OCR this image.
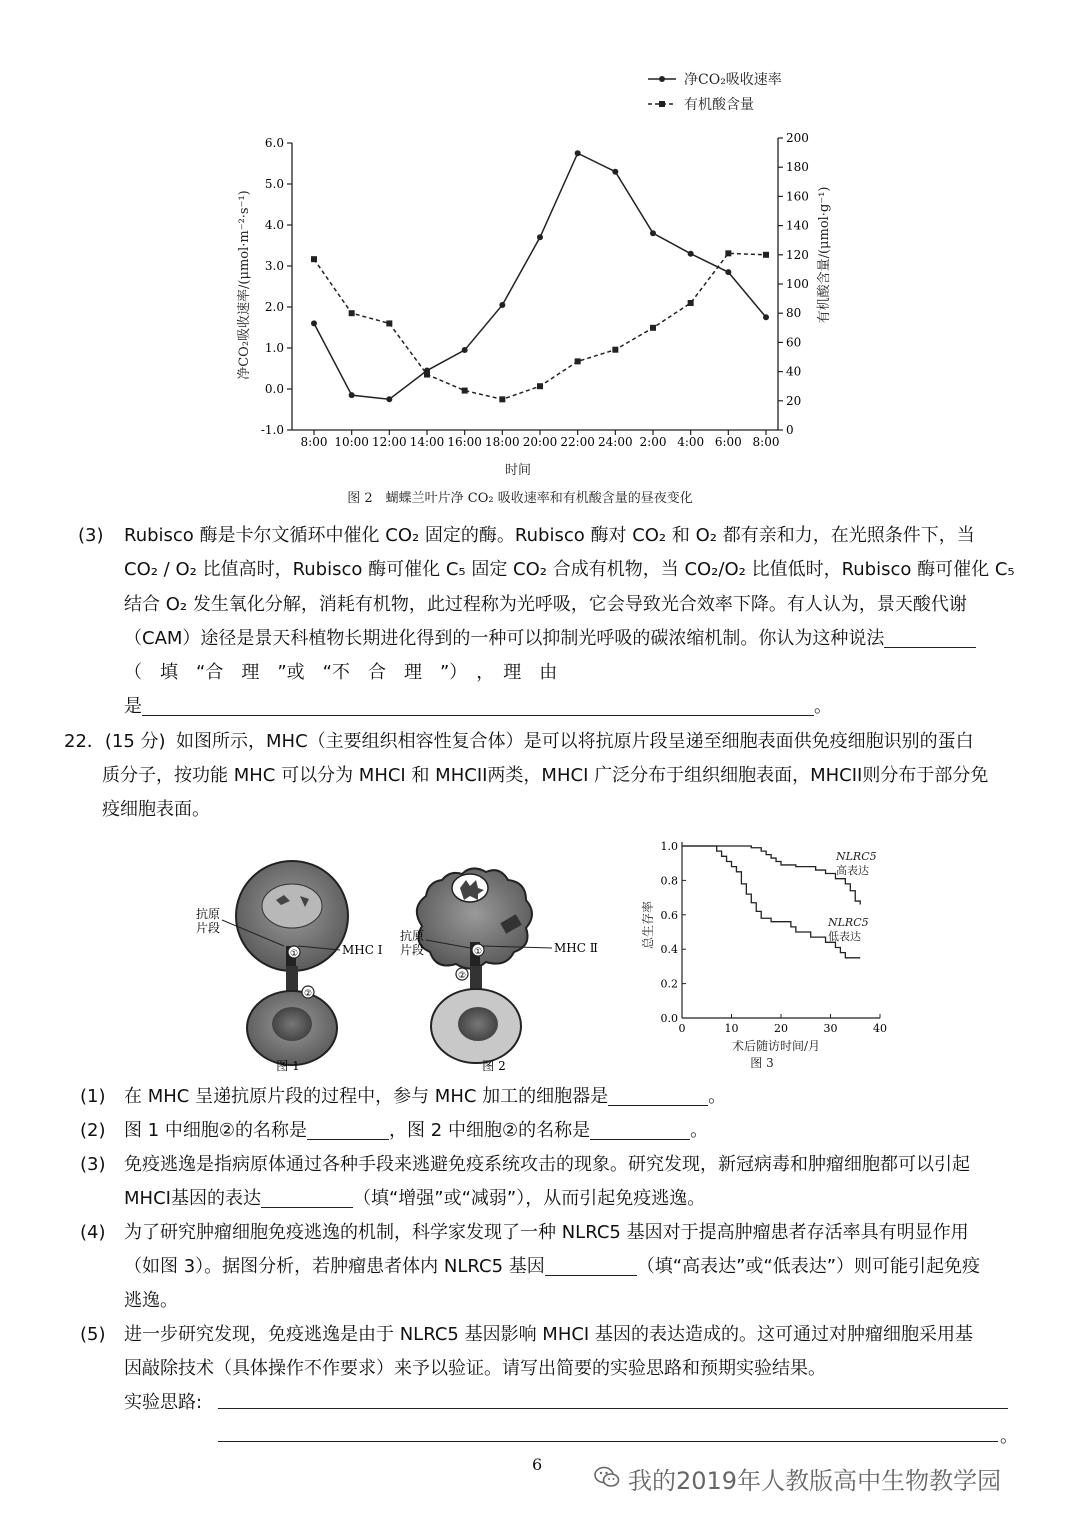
净CO₂吸收速率
有机酸含量
净CO₂吸收速率/(μmol·m⁻²·s⁻¹)	有机酸含量/(μmol·g⁻¹)
时间
图 2　蝴蝶兰叶片净 CO₂ 吸收速率和有机酸含量的昼夜变化
-1.0
0.0
1.0
2.0
3.0
4.0
5.0
6.0
0
20
40
60
80
100
120
140
160
180
200
8:00 10:00 12:00 14:00 16:00 18:00 20:00 22:00 24:00 2:00 4:00 6:00 8:00
(3) Rubisco 酶是卡尔文循环中催化 CO₂ 固定的酶。Rubisco 酶对 CO₂ 和 O₂ 都有亲和力，在光照条件下，当
CO₂ / O₂ 比值高时，Rubisco 酶可催化 C₅ 固定 CO₂ 合成有机物，当 CO₂/O₂ 比值低时，Rubisco 酶可催化 C₅
结合 O₂ 发生氧化分解，消耗有机物，此过程称为光呼吸，它会导致光合效率下降。有人认为，景天酸代谢
（CAM）途径是景天科植物长期进化得到的一种可以抑制光呼吸的碳浓缩机制。你认为这种说法
（　填　“合　理　”或　“不　合　理　”）　，　理　由
是	。
22．(15 分) 如图所示，MHC（主要组织相容性复合体）是可以将抗原片段呈递至细胞表面供免疫细胞识别的蛋白
质分子，按功能 MHC 可以分为 MHCI 和 MHCII两类，MHCI 广泛分布于组织细胞表面，MHCII则分布于部分免
疫细胞表面。
①
②
抗原
片段
MHC Ⅰ
图 1
①
②
抗原
片段	MHC Ⅱ
图 2
总生存率
术后随访时间/月
图 3
NLRC5
高表达
NLRC5
低表达
0.0
0.2
0.4
0.6
0.8
1.0
0	10	20	30	40
(1) 在 MHC 呈递抗原片段的过程中，参与 MHC 加工的细胞器是	。
(2) 图 1 中细胞②的名称是	，图 2 中细胞②的名称是	。
(3) 免疫逃逸是指病原体通过各种手段来逃避免疫系统攻击的现象。研究发现，新冠病毒和肿瘤细胞都可以引起
MHCI基因的表达	（填“增强”或“减弱”），从而引起免疫逃逸。
(4) 为了研究肿瘤细胞免疫逃逸的机制，科学家发现了一种 NLRC5 基因对于提高肿瘤患者存活率具有明显作用
（如图 3）。据图分析，若肿瘤患者体内 NLRC5 基因	（填“高表达”或“低表达”）则可能引起免疫
逃逸。
(5) 进一步研究发现，免疫逃逸是由于 NLRC5 基因影响 MHCI 基因的表达造成的。这可通过对肿瘤细胞采用基
因敲除技术（具体操作不作要求）来予以验证。请写出简要的实验思路和预期实验结果。
实验思路:
。
6
我的2019年人教版高中生物教学园
